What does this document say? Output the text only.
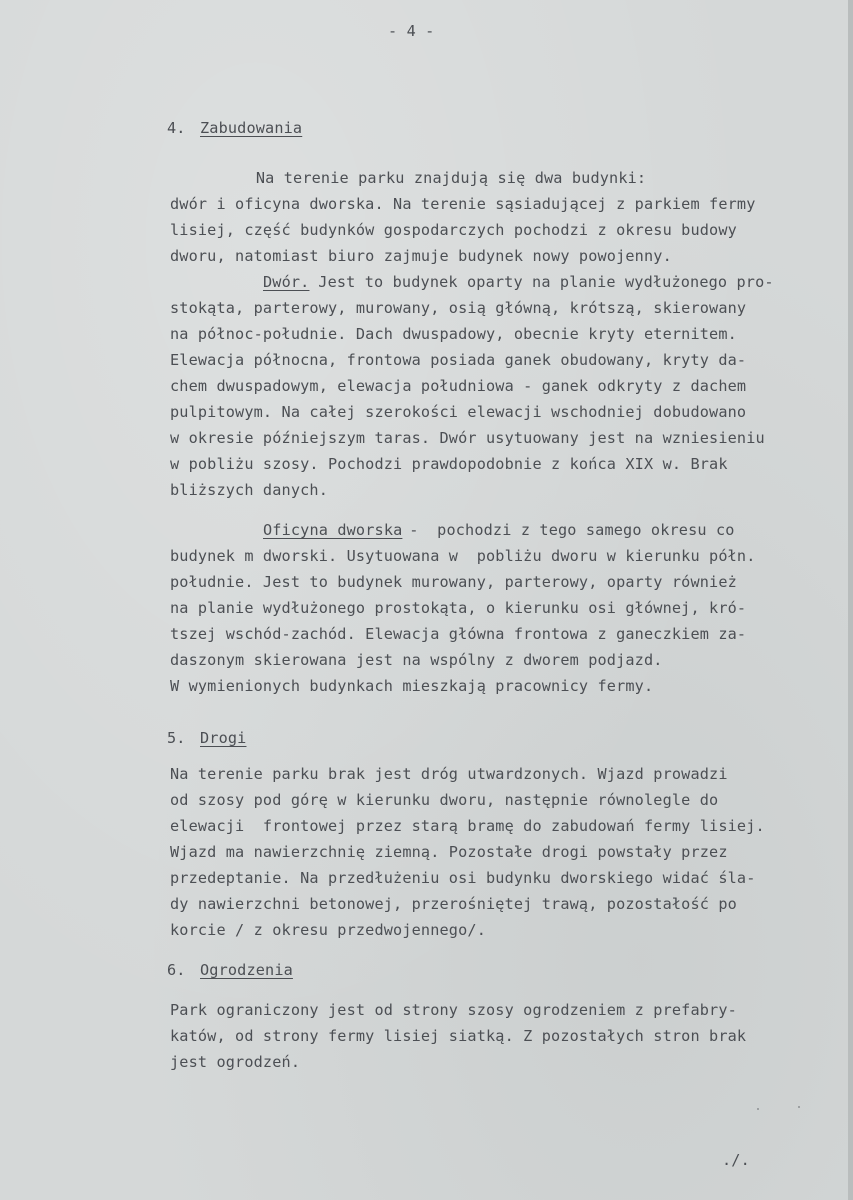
- 4 -
4. Zabudowania
Na terenie parku znajdują się dwa budynki:
dwór i oficyna dworska. Na terenie sąsiadującej z parkiem fermy
lisiej, część budynków gospodarczych pochodzi z okresu budowy
dworu, natomiast biuro zajmuje budynek nowy powojenny.
Dwór. Jest to budynek oparty na planie wydłużonego pro-
stokąta, parterowy, murowany, osią główną, krótszą, skierowany
na północ-południe. Dach dwuspadowy, obecnie kryty eternitem.
Elewacja północna, frontowa posiada ganek obudowany, kryty da-
chem dwuspadowym, elewacja południowa - ganek odkryty z dachem
pulpitowym. Na całej szerokości elewacji wschodniej dobudowano
w okresie późniejszym taras. Dwór usytuowany jest na wzniesieniu
w pobliżu szosy. Pochodzi prawdopodobnie z końca XIX w. Brak
bliższych danych.
Oficyna dworska
-  pochodzi z tego samego okresu co
budynek m dworski. Usytuowana w  pobliżu dworu w kierunku półn.
południe. Jest to budynek murowany, parterowy, oparty również
na planie wydłużonego prostokąta, o kierunku osi głównej, kró-
tszej wschód-zachód. Elewacja główna frontowa z ganeczkiem za-
daszonym skierowana jest na wspólny z dworem podjazd.
W wymienionych budynkach mieszkają pracownicy fermy.
5. Drogi
Na terenie parku brak jest dróg utwardzonych. Wjazd prowadzi
od szosy pod górę w kierunku dworu, następnie równolegle do
elewacji  frontowej przez starą bramę do zabudowań fermy lisiej.
Wjazd ma nawierzchnię ziemną. Pozostałe drogi powstały przez
przedeptanie. Na przedłużeniu osi budynku dworskiego widać śla-
dy nawierzchni betonowej, przerośniętej trawą, pozostałość po
korcie / z okresu przedwojennego/.
6. Ogrodzenia
Park ograniczony jest od strony szosy ogrodzeniem z prefabry-
katów, od strony fermy lisiej siatką. Z pozostałych stron brak
jest ogrodzeń.
./.
